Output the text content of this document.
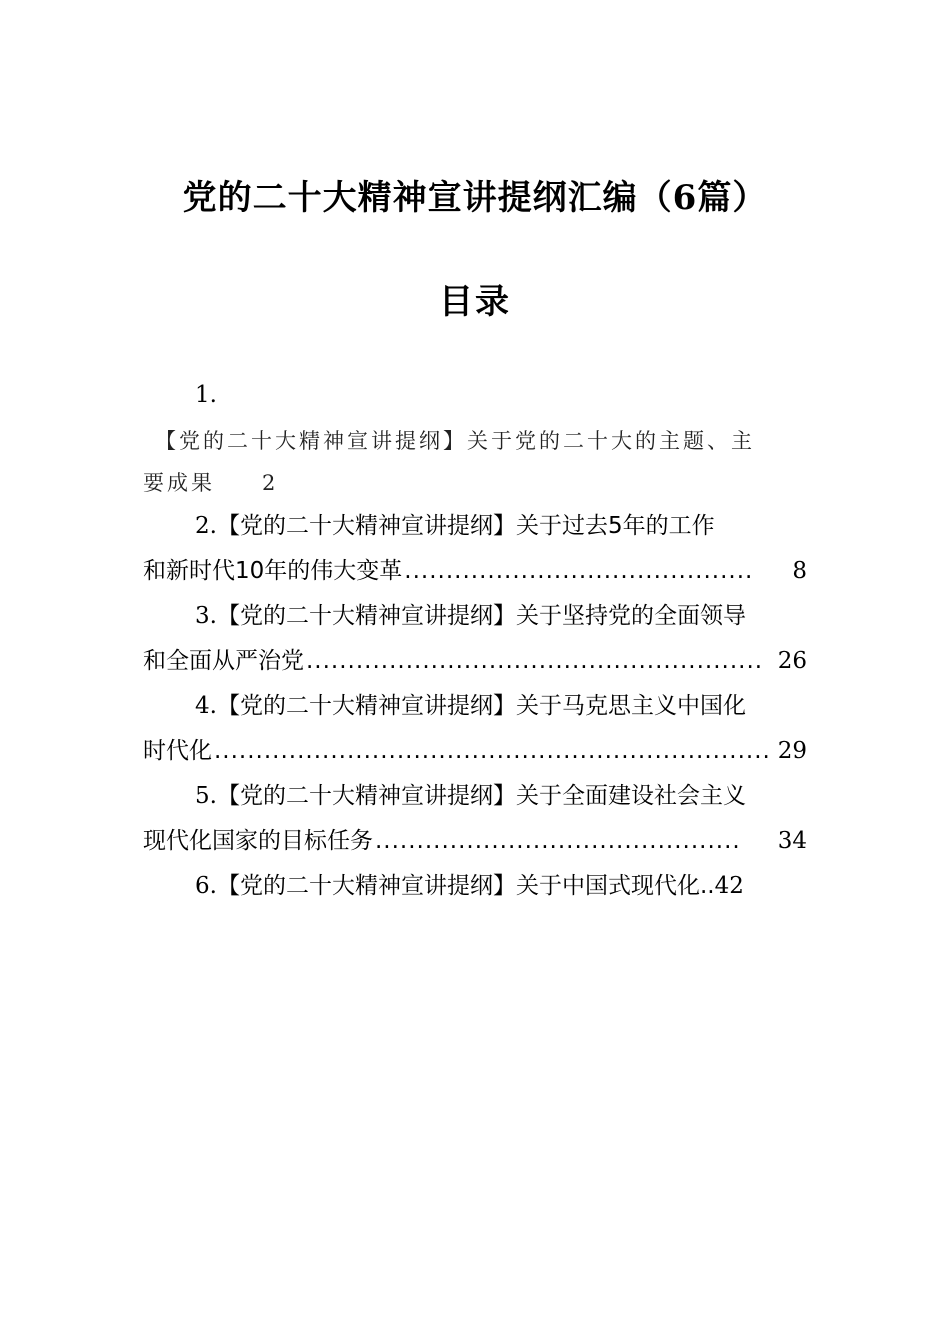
党的二十大精神宣讲提纲汇编（6篇）
目录
1.
【党的二十大精神宣讲提纲】关于党的二十大的主题、主
要成果 2
2.【党的二十大精神宣讲提纲】关于过去5年的工作
和新时代10年的伟大变革 ..........................................	8
3.【党的二十大精神宣讲提纲】关于坚持党的全面领导
和全面从严治党 ....................................................... 26
4.【党的二十大精神宣讲提纲】关于马克思主义中国化
时代化 ................................................................... 29
5.【党的二十大精神宣讲提纲】关于全面建设社会主义
现代化国家的目标任务 ............................................	34
6.【党的二十大精神宣讲提纲】关于中国式现代化..42
